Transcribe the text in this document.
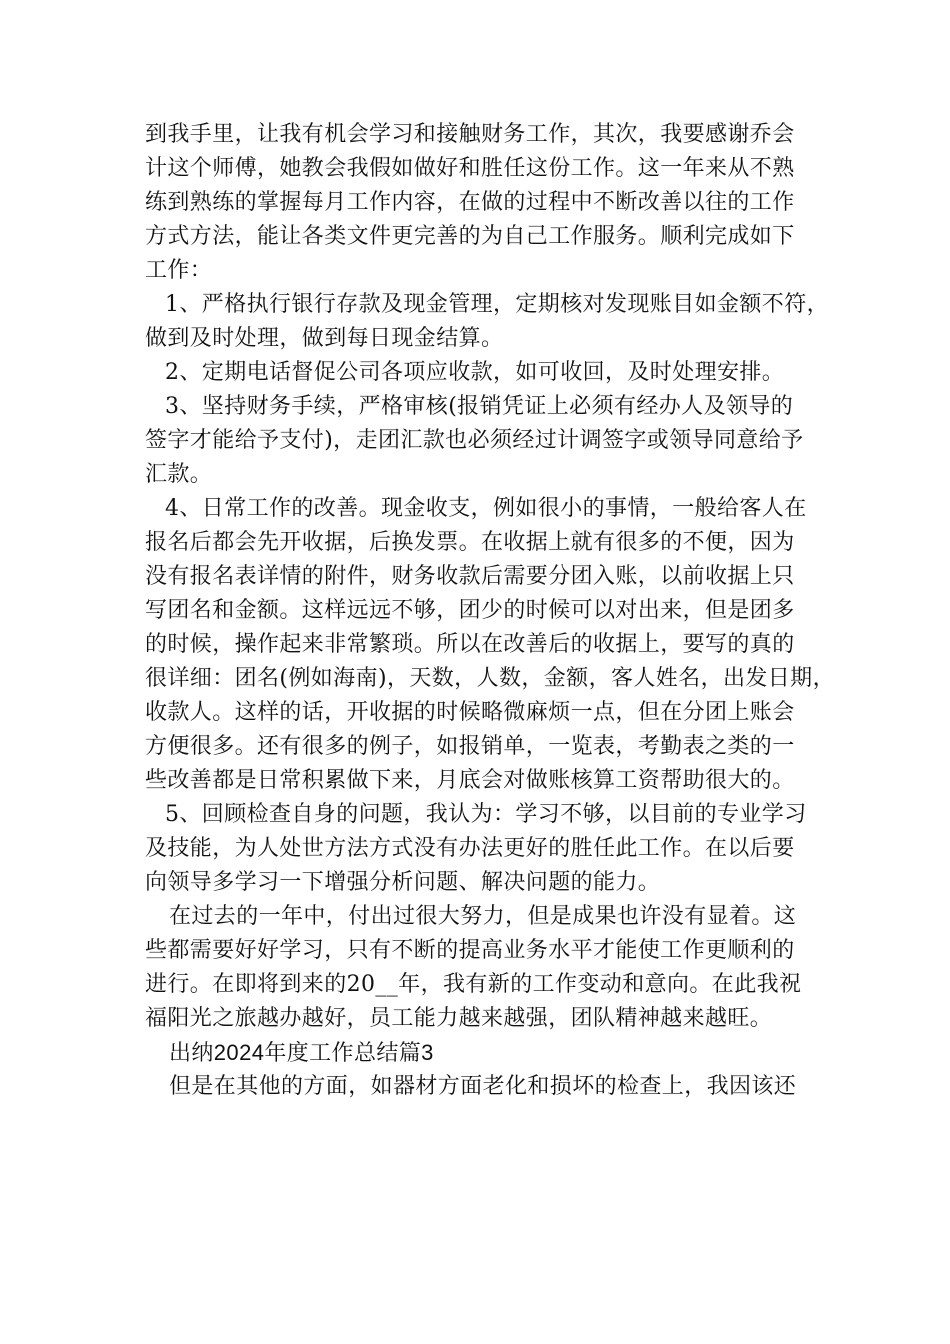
到我手里，让我有机会学习和接触财务工作，其次，我要感谢乔会
计这个师傅，她教会我假如做好和胜任这份工作。这一年来从不熟
练到熟练的掌握每月工作内容，在做的过程中不断改善以往的工作
方式方法，能让各类文件更完善的为自己工作服务。顺利完成如下
工作：
1、严格执行银行存款及现金管理，定期核对发现账目如金额不符，
做到及时处理，做到每日现金结算。
2、定期电话督促公司各项应收款，如可收回，及时处理安排。
3、坚持财务手续，严格审核(报销凭证上必须有经办人及领导的
签字才能给予支付)，走团汇款也必须经过计调签字或领导同意给予
汇款。
4、日常工作的改善。现金收支，例如很小的事情，一般给客人在
报名后都会先开收据，后换发票。在收据上就有很多的不便，因为
没有报名表详情的附件，财务收款后需要分团入账，以前收据上只
写团名和金额。这样远远不够，团少的时候可以对出来，但是团多
的时候，操作起来非常繁琐。所以在改善后的收据上，要写的真的
很详细：团名(例如海南)，天数，人数，金额，客人姓名，出发日期，
收款人。这样的话，开收据的时候略微麻烦一点，但在分团上账会
方便很多。还有很多的例子，如报销单，一览表，考勤表之类的一
些改善都是日常积累做下来，月底会对做账核算工资帮助很大的。
5、回顾检查自身的问题，我认为：学习不够，以目前的专业学习
及技能，为人处世方法方式没有办法更好的胜任此工作。在以后要
向领导多学习一下增强分析问题、解决问题的能力。
在过去的一年中，付出过很大努力，但是成果也许没有显着。这
些都需要好好学习，只有不断的提高业务水平才能使工作更顺利的
进行。在即将到来的20__年，我有新的工作变动和意向。在此我祝
福阳光之旅越办越好，员工能力越来越强，团队精神越来越旺。
出纳2024年度工作总结篇3
但是在其他的方面，如器材方面老化和损坏的检查上，我因该还
